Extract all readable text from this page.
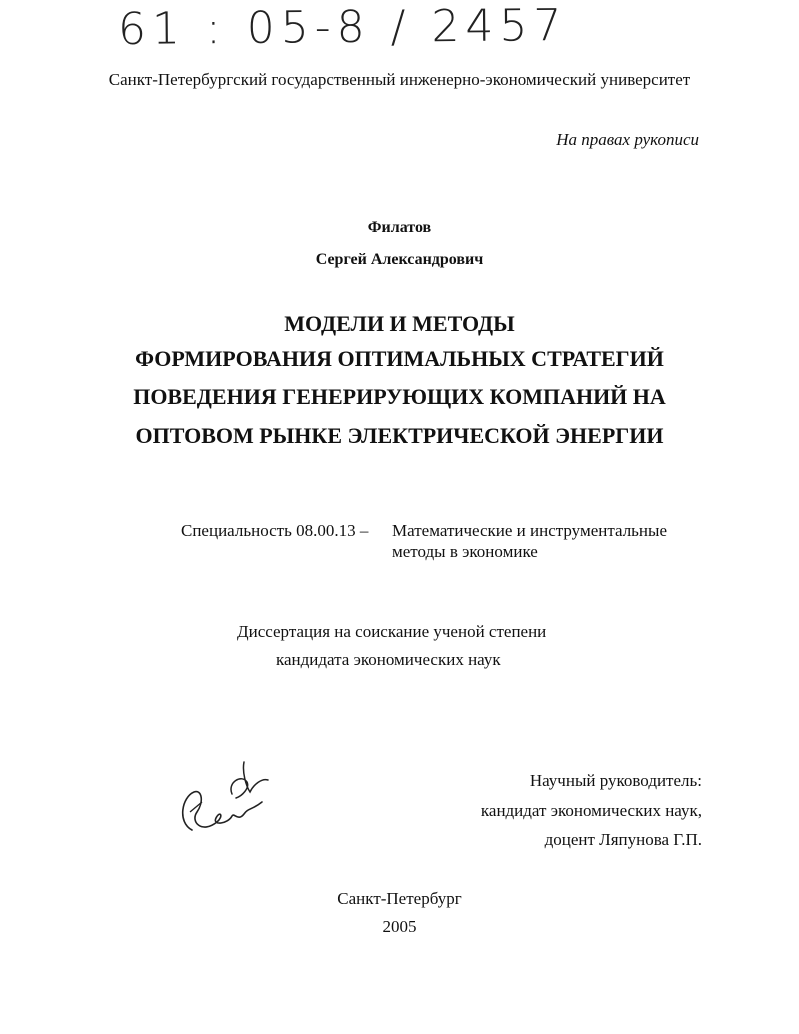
61 : 05-8 / 2457
Санкт-Петербургский государственный инженерно-экономический университет
На правах рукописи
Филатов
Сергей Александрович
МОДЕЛИ И МЕТОДЫ
ФОРМИРОВАНИЯ ОПТИМАЛЬНЫХ СТРАТЕГИЙ
ПОВЕДЕНИЯ ГЕНЕРИРУЮЩИХ КОМПАНИЙ НА
ОПТОВОМ РЫНКЕ ЭЛЕКТРИЧЕСКОЙ ЭНЕРГИИ
Специальность 08.00.13 – Математические и инструментальные
методы в экономике
Диссертация на соискание ученой степени
кандидата экономических наук
Научный руководитель:
кандидат экономических наук,
доцент Ляпунова Г.П.
Санкт-Петербург
2005
